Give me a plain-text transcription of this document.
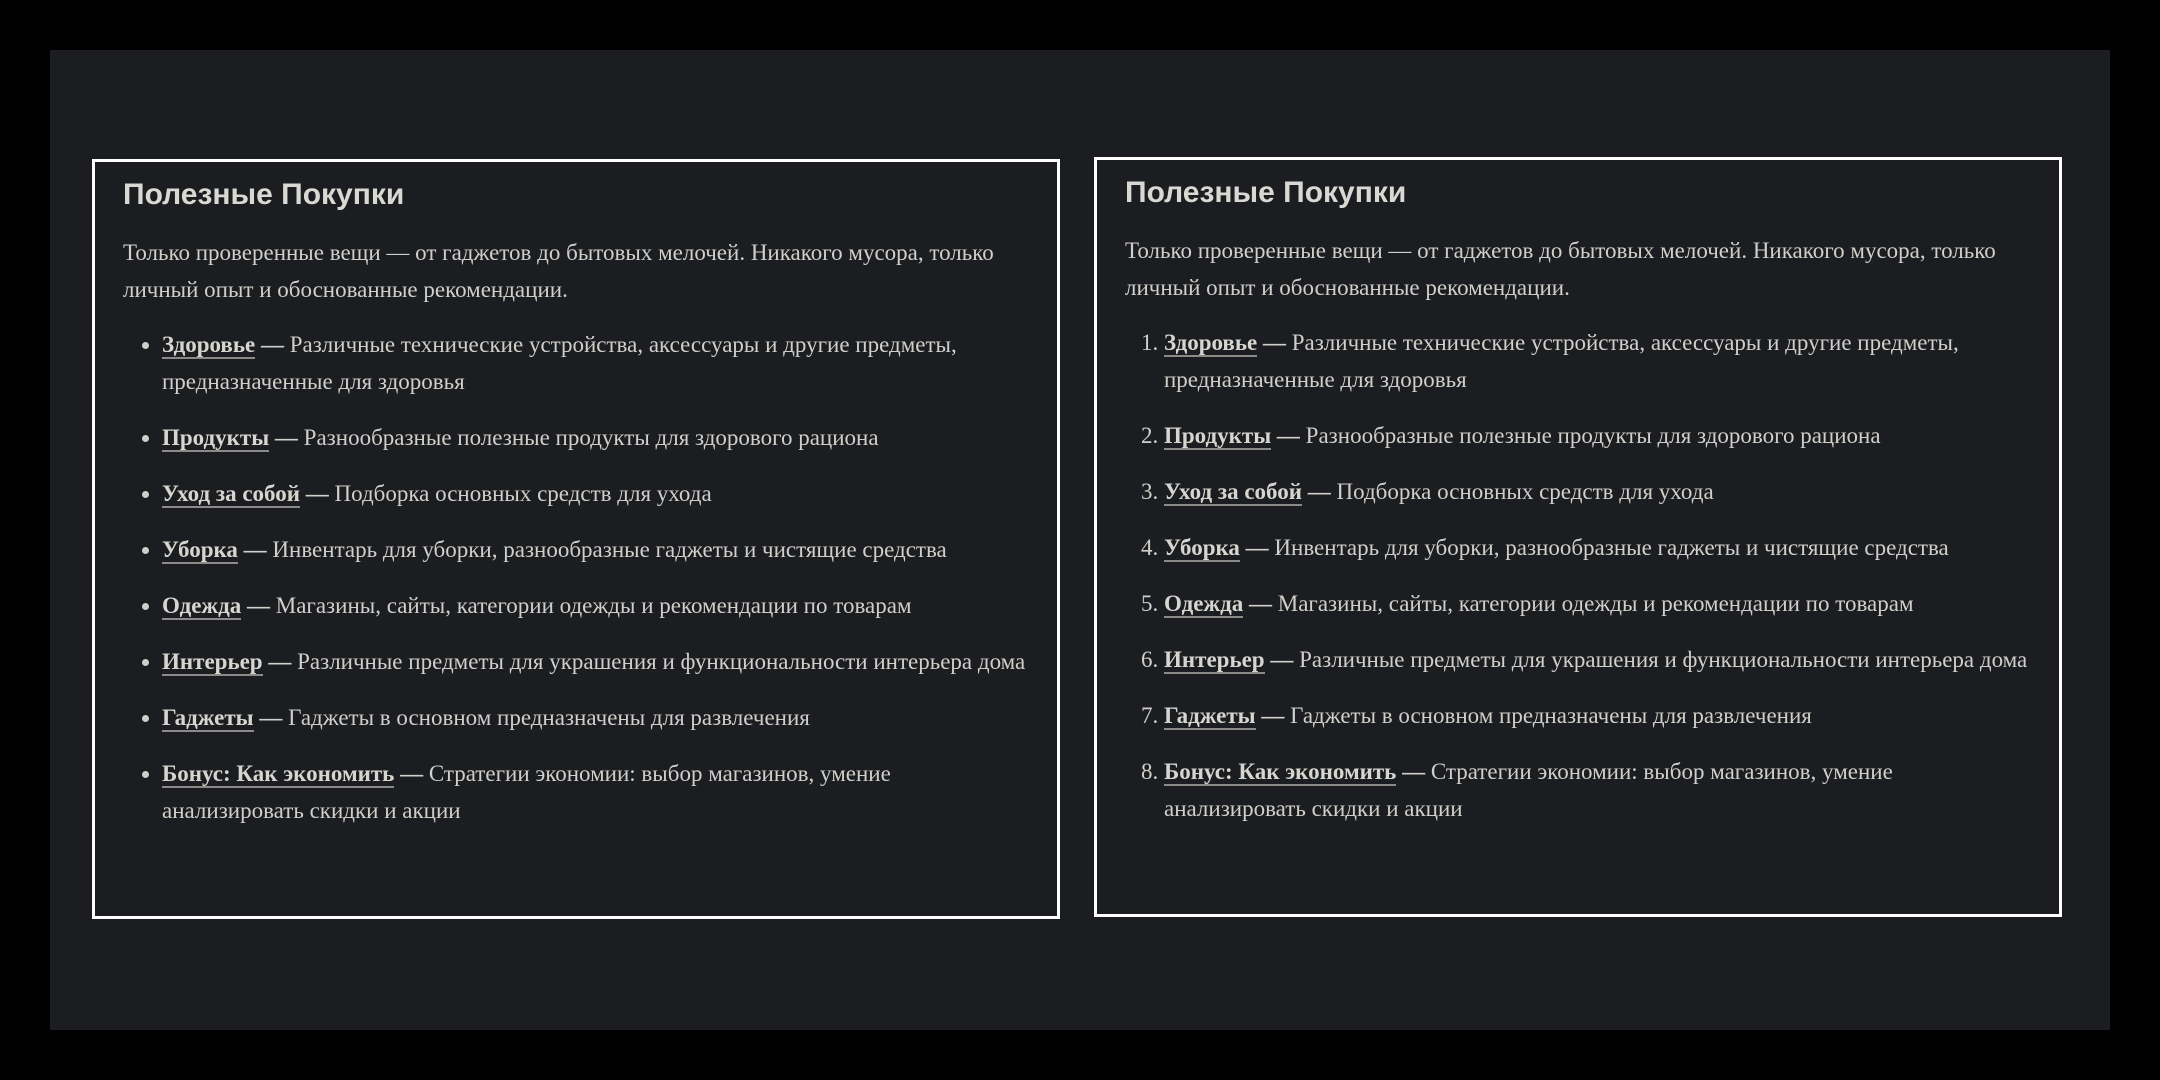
Полезные Покупки

Только проверенные вещи — от гаджетов до бытовых мелочей. Никакого мусора, только личный опыт и обоснованные рекомендации.

• Здоровье — Различные технические устройства, аксессуары и другие предметы, предназначенные для здоровья
• Продукты — Разнообразные полезные продукты для здорового рациона
• Уход за собой — Подборка основных средств для ухода
• Уборка — Инвентарь для уборки, разнообразные гаджеты и чистящие средства
• Одежда — Магазины, сайты, категории одежды и рекомендации по товарам
• Интерьер — Различные предметы для украшения и функциональности интерьера дома
• Гаджеты — Гаджеты в основном предназначены для развлечения
• Бонус: Как экономить — Стратегии экономии: выбор магазинов, умение анализировать скидки и акции
Полезные Покупки

Только проверенные вещи — от гаджетов до бытовых мелочей. Никакого мусора, только личный опыт и обоснованные рекомендации.

1. Здоровье — Различные технические устройства, аксессуары и другие предметы, предназначенные для здоровья
2. Продукты — Разнообразные полезные продукты для здорового рациона
3. Уход за собой — Подборка основных средств для ухода
4. Уборка — Инвентарь для уборки, разнообразные гаджеты и чистящие средства
5. Одежда — Магазины, сайты, категории одежды и рекомендации по товарам
6. Интерьер — Различные предметы для украшения и функциональности интерьера дома
7. Гаджеты — Гаджеты в основном предназначены для развлечения
8. Бонус: Как экономить — Стратегии экономии: выбор магазинов, умение анализировать скидки и акции
